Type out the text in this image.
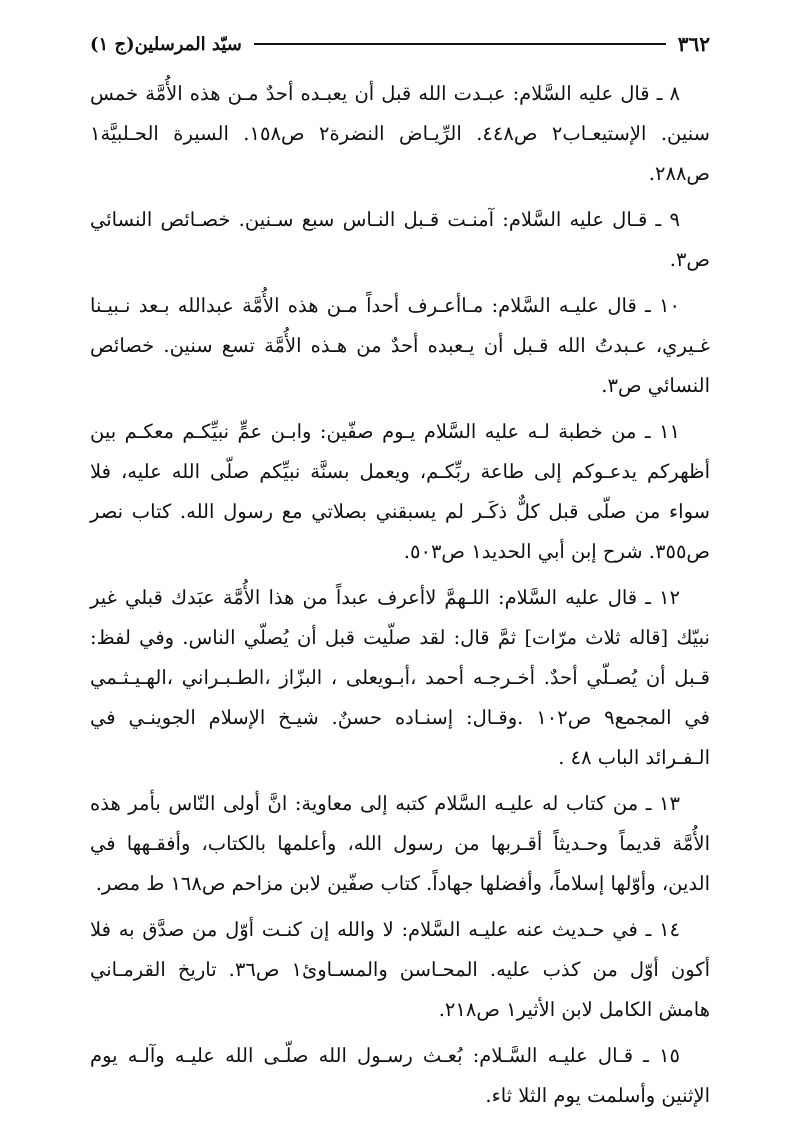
٣٦٢
سيّد المرسلين(ج ١)

٨ ـ قال عليه السَّلام: عبـدت الله قبل أن يعبـده أحدٌ مـن هذه الأُمَّة خمس سنين. الإستيعـاب٢ ص٤٤٨. الرِّيـاض النضرة٢ ص١٥٨. السيرة الحـلبيَّة١ ص٢٨٨.

٩ ـ قـال عليه السَّلام: آمنـت قـبل النـاس سبع سـنين. خصـائص النسائي ص٣.

١٠ ـ قال عليـه السَّلام: مـاأعـرف أحداً مـن هذه الأُمَّة عبدالله بـعد نـبيـنا غـيري، عـبدتُ الله قـبل أن يـعبده أحدٌ من هـذه الأُمَّة تسع سنين. خصائص النسائي ص٣.

١١ ـ من خطبة لـه عليه السَّلام يـوم صفّين: وابـن عمٍّ نبيِّكـم معكـم بين أظهركم يدعـوكم إلى طاعة ربِّكـم، ويعمل بسنَّة نبيِّكم صلّى الله عليه، فلا سواء من صلّى قبل كلٌّ ذكَـر لم يسبقني بصلاتي مع رسول الله. كتاب نصر ص٣٥٥. شرح إبن أبي الحديد١ ص٥٠٣.

١٢ ـ قال عليه السَّلام: اللـهمَّ لاأعرف عبداً من هذا الأُمَّة عبَدك قبلي غير نبيّك [قاله ثلاث مرّات] ثمَّ قال: لقد صلّيت قبل أن يُصلّي الناس. وفي لفظ: قـبل أن يُصـلّي أحدٌ. أخـرجـه أحمد ،أبـويعلى ، البزّاز ،الطـبـراني ،الهـيـثـمي في المجمع٩ ص١٠٢ .وقـال: إسنـاده حسنٌ. شيـخ الإسلام الجوينـي في الـفـرائد الباب ٤٨ .

١٣ ـ من كتاب له عليـه السَّلام كتبه إلى معاوية: انَّ أولى النّاس بأمر هذه الأُمَّة قديماً وحـديثاً أقـربها من رسول الله، وأعلمها بالكتاب، وأفقـهها في الدين، وأوّلها إسلاماً، وأفضلها جهاداً. كتاب صفّين لابن مزاحم ص١٦٨ ط مصر.

١٤ ـ في حـديث عنه عليـه السَّلام: لا والله إن كنـت أوّل من صدَّق به فلا أكون أوّل من كذب عليه. المحـاسن والمسـاوئ١ ص٣٦. تاريخ القرمـاني هامش الكامل لابن الأثير١ ص٢١٨.

١٥ ـ قـال عليـه السَّـلام: بُعـث رسـول الله صلّـى الله عليـه وآلـه يوم الإثنين وأسلمت يوم الثلا ثاء.
